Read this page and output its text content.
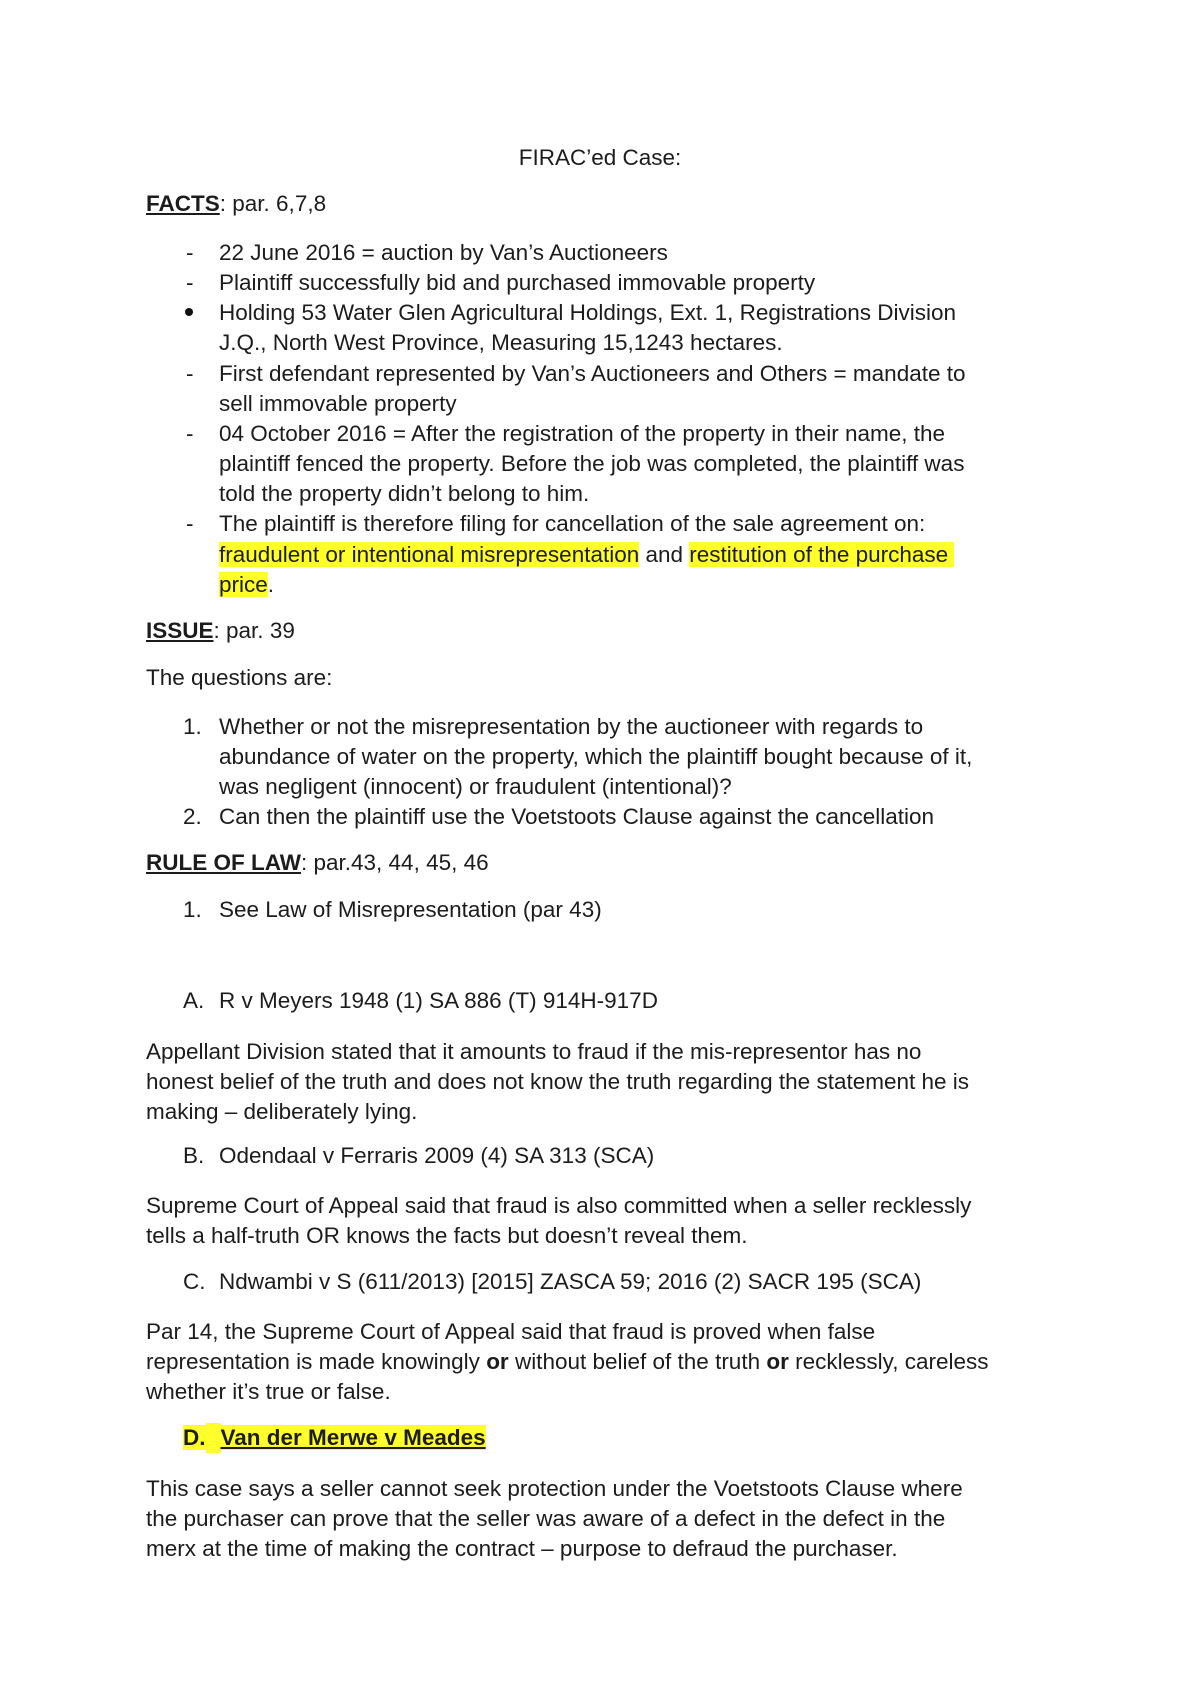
FIRAC’ed Case:
FACTS: par. 6,7,8
- 22 June 2016 = auction by Van’s Auctioneers
- Plaintiff successfully bid and purchased immovable property
Holding 53 Water Glen Agricultural Holdings, Ext. 1, Registrations Division
J.Q., North West Province, Measuring 15,1243 hectares.
- First defendant represented by Van’s Auctioneers and Others = mandate to
sell immovable property
- 04 October 2016 = After the registration of the property in their name, the
plaintiff fenced the property. Before the job was completed, the plaintiff was
told the property didn’t belong to him.
- The plaintiff is therefore filing for cancellation of the sale agreement on:
fraudulent or intentional misrepresentation and restitution of the purchase
price.
ISSUE: par. 39
The questions are:
1. Whether or not the misrepresentation by the auctioneer with regards to
abundance of water on the property, which the plaintiff bought because of it,
was negligent (innocent) or fraudulent (intentional)?
2. Can then the plaintiff use the Voetstoots Clause against the cancellation
RULE OF LAW: par.43, 44, 45, 46
1. See Law of Misrepresentation (par 43)
A. R v Meyers 1948 (1) SA 886 (T) 914H-917D
Appellant Division stated that it amounts to fraud if the mis-representor has no
honest belief of the truth and does not know the truth regarding the statement he is
making – deliberately lying.
B. Odendaal v Ferraris 2009 (4) SA 313 (SCA)
Supreme Court of Appeal said that fraud is also committed when a seller recklessly
tells a half-truth OR knows the facts but doesn’t reveal them.
C. Ndwambi v S (611/2013) [2015] ZASCA 59; 2016 (2) SACR 195 (SCA)
Par 14, the Supreme Court of Appeal said that fraud is proved when false
representation is made knowingly or without belief of the truth or recklessly, careless
whether it’s true or false.
D. Van der Merwe v Meades
This case says a seller cannot seek protection under the Voetstoots Clause where
the purchaser can prove that the seller was aware of a defect in the defect in the
merx at the time of making the contract – purpose to defraud the purchaser.
